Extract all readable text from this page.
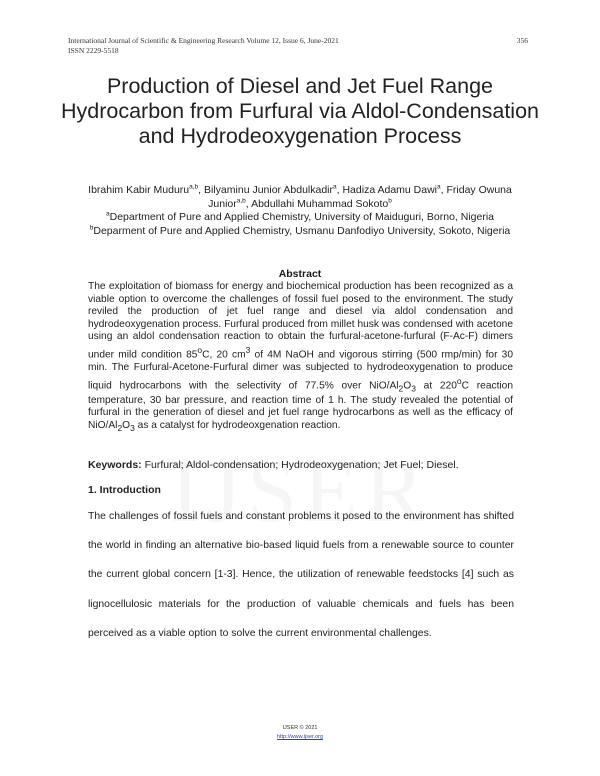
International Journal of Scientific & Engineering Research Volume 12, Issue 6, June-2021
ISSN 2229-5518
356
Production of Diesel and Jet Fuel Range Hydrocarbon from Furfural via Aldol-Condensation and Hydrodeoxygenation Process
Ibrahim Kabir Muduru$^{a,b}$, Bilyaminu Junior Abdulkadir$^a$, Hadiza Adamu Dawi$^a$, Friday Owuna Junior$^{a,b}$, Abdullahi Muhammad Sokoto$^b$
$^a$Department of Pure and Applied Chemistry, University of Maiduguri, Borno, Nigeria
$^b$Deparment of Pure and Applied Chemistry, Usmanu Danfodiyo University, Sokoto, Nigeria
Abstract

The exploitation of biomass for energy and biochemical production has been recognized as a viable option to overcome the challenges of fossil fuel posed to the environment. The study reviled the production of jet fuel range and diesel via aldol condensation and hydrodeoxygenation process. Furfural produced from millet husk was condensed with acetone using an aldol condensation reaction to obtain the furfural-acetone-furfural (F-Ac-F) dimers under mild condition 85$^o$C, 20 $cm^3$ of 4M NaOH and vigorous stirring (500 rmp/min) for 30 min. The Furfural-Acetone-Furfural dimer was subjected to hydrodeoxygenation to produce liquid hydrocarbons with the selectivity of 77.5% over NiO/$Al_2O_3$ at 220$^o$C reaction temperature, 30 bar pressure, and reaction time of 1 h. The study revealed the potential of furfural in the generation of diesel and jet fuel range hydrocarbons as well as the efficacy of NiO/$Al_2O_3$ as a catalyst for hydrodeoxgenation reaction.

Keywords: Furfural; Aldol-condensation; Hydrodeoxygenation; Jet Fuel; Diesel.

1. Introduction

The challenges of fossil fuels and constant problems it posed to the environment has shifted the world in finding an alternative bio-based liquid fuels from a renewable source to counter the current global concern [1-3]. Hence, the utilization of renewable feedstocks [4] such as lignocellulosic materials for the production of valuable chemicals and fuels has been perceived as a viable option to solve the current environmental challenges.

IJSER © 2021
http://www.ijser.org
